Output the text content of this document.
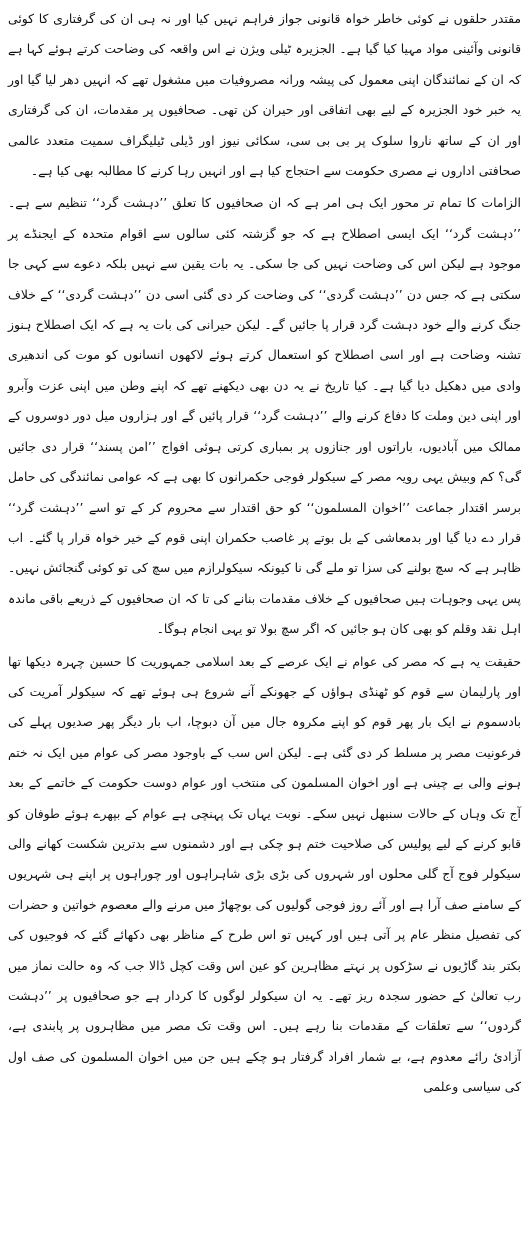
مقتدر حلقوں نے کوئی خاطر خواہ قانونی جواز فراہم نہیں کیا اور نہ ہی ان کی گرفتاری کا کوئی قانونی وآئینی مواد مہیا کیا گیا ہے۔ الجزیرہ ٹیلی ویژن نے اس واقعہ کی وضاحت کرتے ہوئے کہا ہے کہ ان کے نمائندگان اپنی معمول کی پیشہ ورانہ مصروفیات میں مشغول تھے کہ انہیں دھر لیا گیا اور یہ خبر خود الجزیرہ کے لیے بھی اتفاقی اور حیران کن تھی۔ صحافیوں پر مقدمات، ان کی گرفتاری اور ان کے ساتھ ناروا سلوک پر بی بی سی، سکائی نیوز اور ڈیلی ٹیلیگراف سمیت متعدد عالمی صحافتی اداروں نے مصری حکومت سے احتجاج کیا ہے اور انہیں رہا کرنے کا مطالبہ بھی کیا ہے۔

الزامات کا تمام تر محور ایک ہی امر ہے کہ ان صحافیوں کا تعلق ’’دہشت گرد‘‘ تنظیم سے ہے۔ ’’دہشت گرد‘‘ ایک ایسی اصطلاح ہے کہ جو گزشتہ کئی سالوں سے اقوام متحدہ کے ایجنڈے پر موجود ہے لیکن اس کی وضاحت نہیں کی جا سکی۔ یہ بات یقین سے نہیں بلکہ دعوے سے کہی جا سکتی ہے کہ جس دن ’’دہشت گردی‘‘ کی وضاحت کر دی گئی اسی دن ’’دہشت گردی‘‘ کے خلاف جنگ کرنے والے خود دہشت گرد قرار پا جائیں گے۔ لیکن حیرانی کی بات یہ ہے کہ ایک اصطلاح ہنوز تشنہ وضاحت ہے اور اسی اصطلاح کو استعمال کرتے ہوئے لاکھوں انسانوں کو موت کی اندھیری وادی میں دھکیل دیا گیا ہے۔ کیا تاریخ نے یہ دن بھی دیکھنے تھے کہ اپنے وطن میں اپنی عزت وآبرو اور اپنی دین وملت کا دفاع کرنے والے ’’دہشت گرد‘‘ قرار پائیں گے اور ہزاروں میل دور دوسروں کے ممالک میں آبادیوں، باراتوں اور جنازوں پر بمباری کرتی ہوئی افواج ’’امن پسند‘‘ قرار دی جائیں گی؟ کم وبیش یہی رویہ مصر کے سیکولر فوجی حکمرانوں کا بھی ہے کہ عوامی نمائندگی کی حامل برسر اقتدار جماعت ’’اخوان المسلمون‘‘ کو حق اقتدار سے محروم کر کے تو اسے ’’دہشت گرد‘‘ قرار دے دیا گیا اور بدمعاشی کے بل بوتے پر غاصب حکمران اپنی قوم کے خیر خواہ قرار پا گئے۔ اب ظاہر ہے کہ سچ بولنے کی سزا تو ملے گی نا کیونکہ سیکولرازم میں سچ کی تو کوئی گنجائش نہیں۔ پس یہی وجوہات ہیں صحافیوں کے خلاف مقدمات بنانے کی تا کہ ان صحافیوں کے ذریعے باقی ماندہ اہل نقد وقلم کو بھی کان ہو جائیں کہ اگر سچ بولا تو یہی انجام ہوگا۔

حقیقت یہ ہے کہ مصر کی عوام نے ایک عرصے کے بعد اسلامی جمہوریت کا حسین چہرہ دیکھا تھا اور پارلیمان سے قوم کو ٹھنڈی ہواؤں کے جھونکے آنے شروع ہی ہوئے تھے کہ سیکولر آمریت کی بادسموم نے ایک بار پھر قوم کو اپنے مکروہ جال میں آن دبوچا، اب بار دیگر پھر صدیوں پہلے کی فرعونیت مصر پر مسلط کر دی گئی ہے۔ لیکن اس سب کے باوجود مصر کی عوام میں ایک نہ ختم ہونے والی بے چینی ہے اور اخوان المسلمون کی منتخب اور عوام دوست حکومت کے خاتمے کے بعد آج تک وہاں کے حالات سنبھل نہیں سکے۔ نوبت یہاں تک پہنچی ہے عوام کے بپھرے ہوئے طوفان کو قابو کرنے کے لیے پولیس کی صلاحیت ختم ہو چکی ہے اور دشمنوں سے بدترین شکست کھانے والی سیکولر فوج آج گلی محلوں اور شہروں کی بڑی بڑی شاہراہوں اور چوراہوں پر اپنے ہی شہریوں کے سامنے صف آرا ہے اور آئے روز فوجی گولیوں کی بوچھاڑ میں مرنے والے معصوم خواتین و حضرات کی تفصیل منظر عام پر آتی ہیں اور کہیں تو اس طرح کے مناظر بھی دکھائے گئے کہ فوجیوں کی بکتر بند گاڑیوں نے سڑکوں پر نہتے مظاہرین کو عین اس وقت کچل ڈالا جب کہ وہ حالت نماز میں رب تعالیٰ کے حضور سجدہ ریز تھے۔ یہ ان سیکولر لوگوں کا کردار ہے جو صحافیوں پر ’’دہشت گردوں‘‘ سے تعلقات کے مقدمات بنا رہے ہیں۔ اس وقت تک مصر میں مظاہروں پر پابندی ہے، آزادیٔ رائے معدوم ہے، بے شمار افراد گرفتار ہو چکے ہیں جن میں اخوان المسلمون کی صف اول کی سیاسی وعلمی
